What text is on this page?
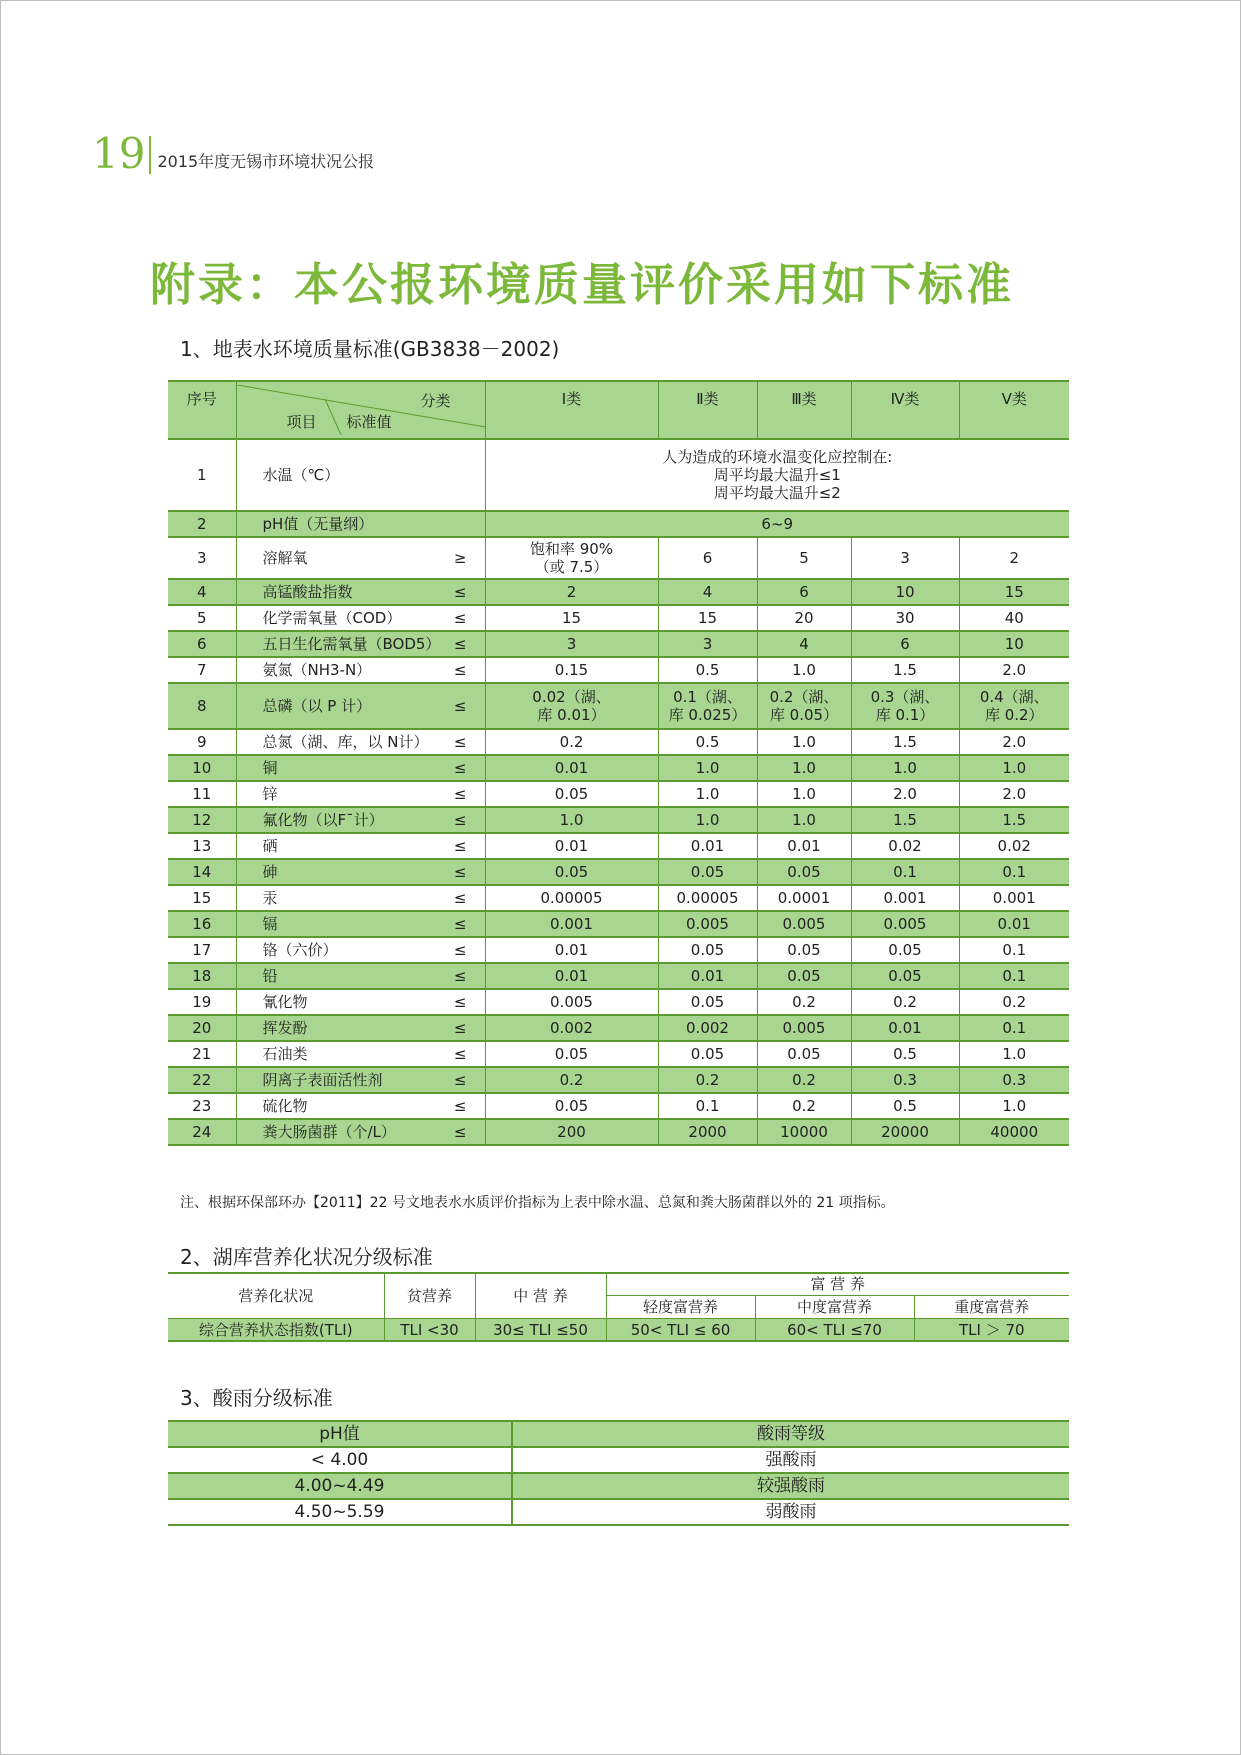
19 2015年度无锡市环境状况公报
附录：本公报环境质量评价采用如下标准
1、地表水环境质量标准(GB3838－2002)
序号	分类
项目 标准值	Ⅰ类	Ⅱ类	Ⅲ类	Ⅳ类	Ⅴ类
1	水温（℃）	人为造成的环境水温变化应控制在:
周平均最大温升≤1
周平均最大温升≤2				

2	pH值（无量纲）	6~9				

3	溶解氧 ≥	饱和率 90%
（或 7.5）	6	5	3	2
4	高锰酸盐指数 ≤	2	4	6	10	15
5	化学需氧量（COD） ≤	15	15	20	30	40
6	五日生化需氧量（BOD5） ≤	3	3	4	6	10
7	氨氮（NH3-N） ≤	0.15	0.5	1.0	1.5	2.0
8	总磷（以 P 计） ≤	0.02（湖、
库 0.01）	0.1（湖、
库 0.025）	0.2（湖、
库 0.05）	0.3（湖、
库 0.1）	0.4（湖、
库 0.2）
9	总氮（湖、库，以 N计） ≤	0.2	0.5	1.0	1.5	2.0
10	铜 ≤	0.01	1.0	1.0	1.0	1.0
11	锌 ≤	0.05	1.0	1.0	2.0	2.0
12	氟化物（以F¯计） ≤	1.0	1.0	1.0	1.5	1.5
13	硒 ≤	0.01	0.01	0.01	0.02	0.02
14	砷 ≤	0.05	0.05	0.05	0.1	0.1
15	汞 ≤	0.00005	0.00005	0.0001	0.001	0.001
16	镉 ≤	0.001	0.005	0.005	0.005	0.01
17	铬（六价） ≤	0.01	0.05	0.05	0.05	0.1
18	铅 ≤	0.01	0.01	0.05	0.05	0.1
19	氰化物 ≤	0.005	0.05	0.2	0.2	0.2
20	挥发酚 ≤	0.002	0.002	0.005	0.01	0.1
21	石油类 ≤	0.05	0.05	0.05	0.5	1.0
22	阴离子表面活性剂 ≤	0.2	0.2	0.2	0.3	0.3
23	硫化物 ≤	0.05	0.1	0.2	0.5	1.0
24	粪大肠菌群（个/L） ≤	200	2000	10000	20000	40000
注、根据环保部环办【2011】22 号文地表水水质评价指标为上表中除水温、总氮和粪大肠菌群以外的 21 项指标。
2、湖库营养化状况分级标准
营养化状况	贫营养	中 营 养	富 营 养		
			轻度富营养	中度富营养	重度富营养
综合营养状态指数(TLI)	TLI <30	30≤ TLI ≤50	50< TLI ≤ 60	60< TLI ≤70	TLI ＞ 70
3、酸雨分级标准
pH值	酸雨等级
< 4.00	强酸雨
4.00~4.49	较强酸雨
4.50~5.59	弱酸雨
